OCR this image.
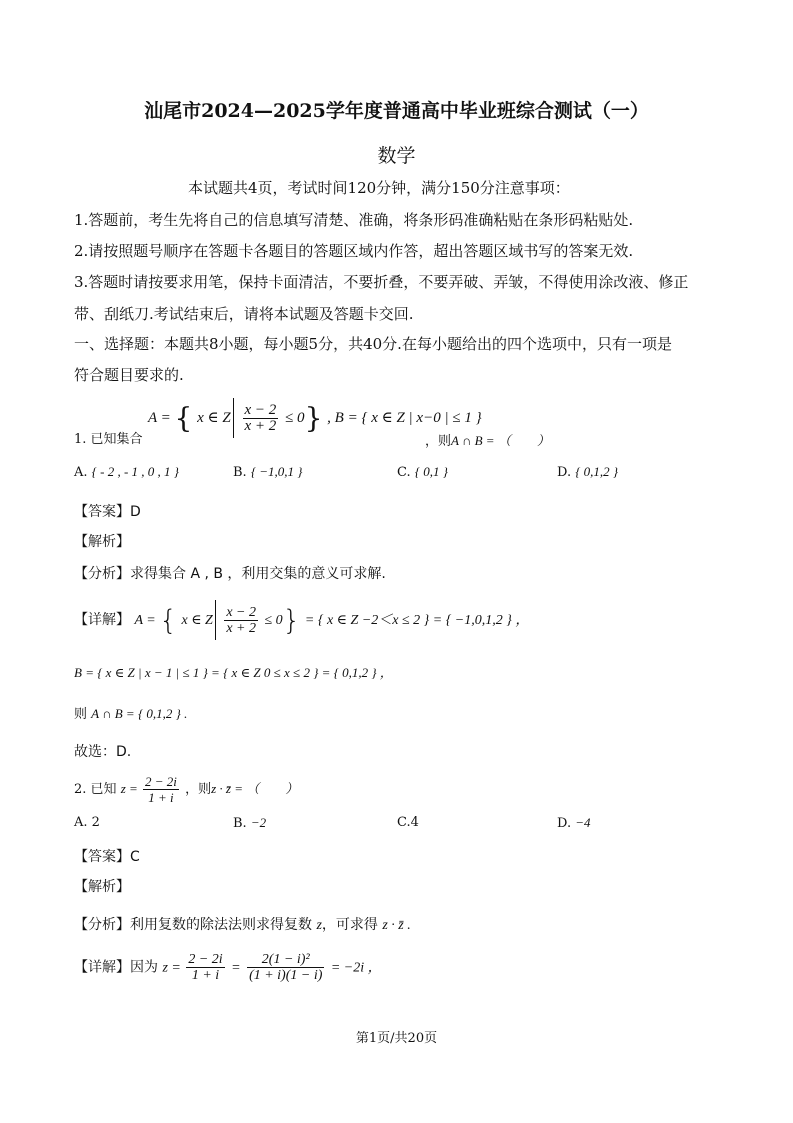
汕尾市2024—2025学年度普通高中毕业班综合测试（一）
数学
本试题共4页，考试时间120分钟，满分150分注意事项：
1.答题前，考生先将自己的信息填写清楚、准确，将条形码准确粘贴在条形码粘贴处.
2.请按照题号顺序在答题卡各题目的答题区域内作答，超出答题区域书写的答案无效.
3.答题时请按要求用笔，保持卡面清洁，不要折叠，不要弄破、弄皱，不得使用涂改液、修正
带、刮纸刀.考试结束后，请将本试题及答题卡交回.
一、选择题：本题共8小题，每小题5分，共40分.在每小题给出的四个选项中，只有一项是
符合题目要求的.
A = { x ∈ Z $\frac{x - 2}{x + 2} \le 0$} , B = { x ∈ Z | x−0 | ≤ 1 }
1. 已知集合	，则A ∩ B = （　　）
A. { - 2 , - 1 , 0 , 1 }	B. { −1,0,1 }	C. { 0,1 }	D. { 0,1,2 }
【答案】D
【解析】
【分析】求得集合 A , B ，利用交集的意义可求解.
【详解】 A = { x ∈ Z $\frac{x - 2}{x + 2} \le 0$} = { x ∈ Z −2＜x ≤ 2 } = { −1,0,1,2 } ，
B = { x ∈ Z | x − 1 | ≤ 1 } = { x ∈ Z 0 ≤ x ≤ 2 } = { 0,1,2 } ，
则 A ∩ B = { 0,1,2 } .
故选：D.
2. 已知 $z = \frac{2 - 2i}{1 + i}$ ，则z · z̄ = （　　）
A. 2	B. −2	C.4	D. −4
【答案】C
【解析】
【分析】利用复数的除法法则求得复数 z，可求得 z · z̄ .
【详解】因为 $z = \frac{2 - 2i}{1 + i} = \frac{\text{2(1 − i)²}}{(1 + i)(1 - i)} = -2i$ ，
第1页/共20页
